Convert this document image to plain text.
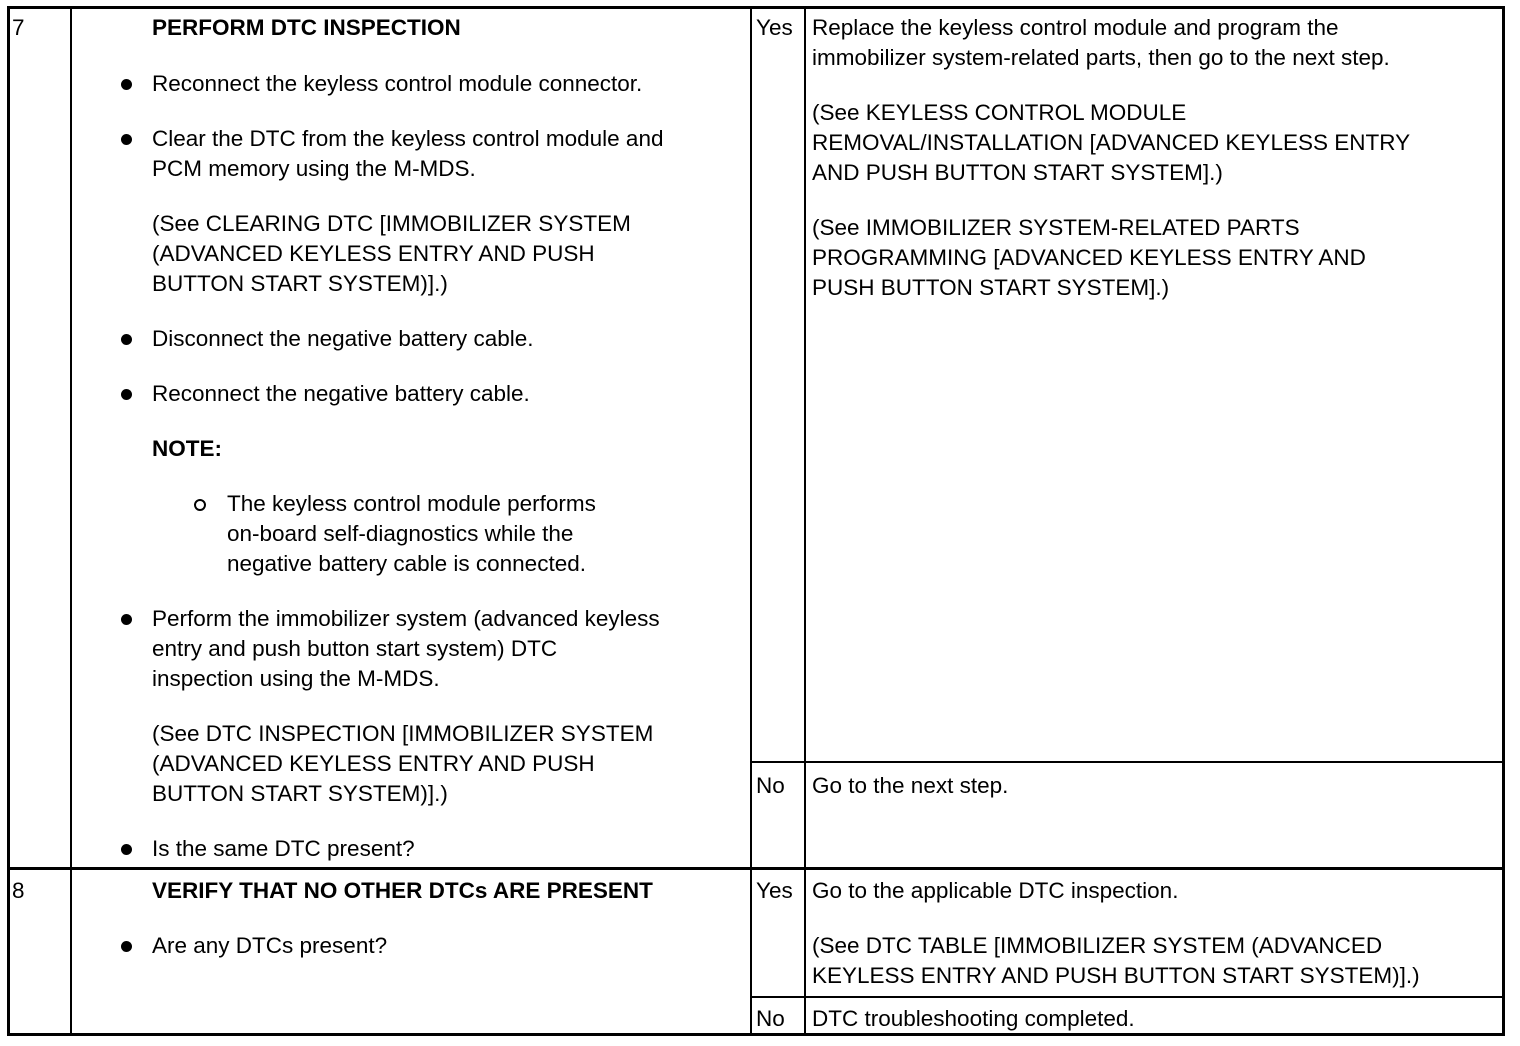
7	PERFORM DTC INSPECTION
Reconnect the keyless control module connector.
Clear the DTC from the keyless control module and
PCM memory using the M-MDS.
(See CLEARING DTC [IMMOBILIZER SYSTEM
(ADVANCED KEYLESS ENTRY AND PUSH
BUTTON START SYSTEM)].)
Disconnect the negative battery cable.
Reconnect the negative battery cable.
NOTE:
The keyless control module performs
on-board self-diagnostics while the
negative battery cable is connected.
Perform the immobilizer system (advanced keyless
entry and push button start system) DTC
inspection using the M-MDS.
(See DTC INSPECTION [IMMOBILIZER SYSTEM
(ADVANCED KEYLESS ENTRY AND PUSH
BUTTON START SYSTEM)].)
Is the same DTC present?
Yes Replace the keyless control module and program the
immobilizer system-related parts, then go to the next step.
(See KEYLESS CONTROL MODULE
REMOVAL/INSTALLATION [ADVANCED KEYLESS ENTRY
AND PUSH BUTTON START SYSTEM].)
(See IMMOBILIZER SYSTEM-RELATED PARTS
PROGRAMMING [ADVANCED KEYLESS ENTRY AND
PUSH BUTTON START SYSTEM].)
No Go to the next step.
8	VERIFY THAT NO OTHER DTCs ARE PRESENT
Are any DTCs present?
Yes Go to the applicable DTC inspection.
(See DTC TABLE [IMMOBILIZER SYSTEM (ADVANCED
KEYLESS ENTRY AND PUSH BUTTON START SYSTEM)].)
No DTC troubleshooting completed.
